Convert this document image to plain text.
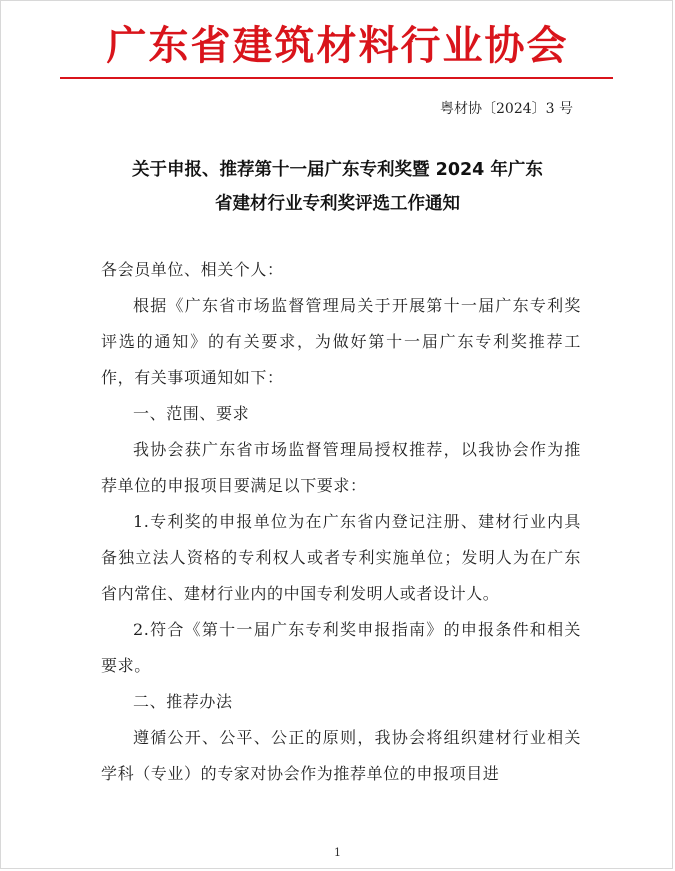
广东省建筑材料行业协会
粤材协〔2024〕3 号
关于申报、推荐第十一届广东专利奖暨 2024 年广东
省建材行业专利奖评选工作通知
各会员单位、相关个人：
根据《广东省市场监督管理局关于开展第十一届广东专利奖评选的通知》的有关要求，为做好第十一届广东专利奖推荐工作，有关事项通知如下：
一、范围、要求
我协会获广东省市场监督管理局授权推荐，以我协会作为推荐单位的申报项目要满足以下要求：
1.专利奖的申报单位为在广东省内登记注册、建材行业内具备独立法人资格的专利权人或者专利实施单位；发明人为在广东省内常住、建材行业内的中国专利发明人或者设计人。
2.符合《第十一届广东专利奖申报指南》的申报条件和相关要求。
二、推荐办法
遵循公开、公平、公正的原则，我协会将组织建材行业相关学科（专业）的专家对协会作为推荐单位的申报项目进
1
